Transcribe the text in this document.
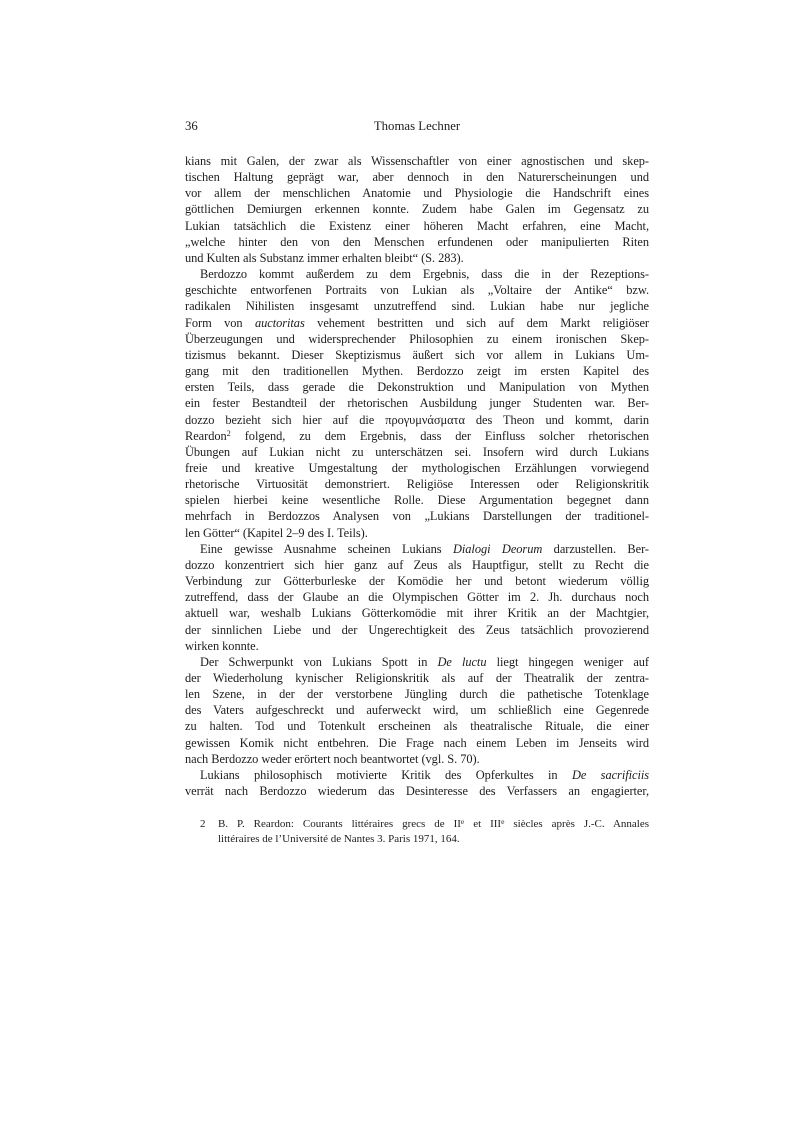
36	Thomas Lechner
kians mit Galen, der zwar als Wissenschaftler von einer agnostischen und skep-
tischen Haltung geprägt war, aber dennoch in den Naturerscheinungen und
vor allem der menschlichen Anatomie und Physiologie die Handschrift eines
göttlichen Demiurgen erkennen konnte. Zudem habe Galen im Gegensatz zu
Lukian tatsächlich die Existenz einer höheren Macht erfahren, eine Macht,
„welche hinter den von den Menschen erfundenen oder manipulierten Riten
und Kulten als Substanz immer erhalten bleibt“ (S. 283).
Berdozzo kommt außerdem zu dem Ergebnis, dass die in der Rezeptions-
geschichte entworfenen Portraits von Lukian als „Voltaire der Antike“ bzw.
radikalen Nihilisten insgesamt unzutreffend sind. Lukian habe nur jegliche
Form von auctoritas vehement bestritten und sich auf dem Markt religiöser
Überzeugungen und widersprechender Philosophien zu einem ironischen Skep-
tizismus bekannt. Dieser Skeptizismus äußert sich vor allem in Lukians Um-
gang mit den traditionellen Mythen. Berdozzo zeigt im ersten Kapitel des
ersten Teils, dass gerade die Dekonstruktion und Manipulation von Mythen
ein fester Bestandteil der rhetorischen Ausbildung junger Studenten war. Ber-
dozzo bezieht sich hier auf die προγυμνάσματα des Theon und kommt, darin
Reardon$^2$ folgend, zu dem Ergebnis, dass der Einfluss solcher rhetorischen
Übungen auf Lukian nicht zu unterschätzen sei. Insofern wird durch Lukians
freie und kreative Umgestaltung der mythologischen Erzählungen vorwiegend
rhetorische Virtuosität demonstriert. Religiöse Interessen oder Religionskritik
spielen hierbei keine wesentliche Rolle. Diese Argumentation begegnet dann
mehrfach in Berdozzos Analysen von „Lukians Darstellungen der traditionel-
len Götter“ (Kapitel 2–9 des I. Teils).
Eine gewisse Ausnahme scheinen Lukians Dialogi Deorum darzustellen. Ber-
dozzo konzentriert sich hier ganz auf Zeus als Hauptfigur, stellt zu Recht die
Verbindung zur Götterburleske der Komödie her und betont wiederum völlig
zutreffend, dass der Glaube an die Olympischen Götter im 2. Jh. durchaus noch
aktuell war, weshalb Lukians Götterkomödie mit ihrer Kritik an der Machtgier,
der sinnlichen Liebe und der Ungerechtigkeit des Zeus tatsächlich provozierend
wirken konnte.
Der Schwerpunkt von Lukians Spott in De luctu liegt hingegen weniger auf
der Wiederholung kynischer Religionskritik als auf der Theatralik der zentra-
len Szene, in der der verstorbene Jüngling durch die pathetische Totenklage
des Vaters aufgeschreckt und auferweckt wird, um schließlich eine Gegenrede
zu halten. Tod und Totenkult erscheinen als theatralische Rituale, die einer
gewissen Komik nicht entbehren. Die Frage nach einem Leben im Jenseits wird
nach Berdozzo weder erörtert noch beantwortet (vgl. S. 70).
Lukians philosophisch motivierte Kritik des Opferkultes in De sacrificiis
verrät nach Berdozzo wiederum das Desinteresse des Verfassers an engagierter,
2	B. P. Reardon: Courants littéraires grecs de IIe et IIIe siècles après J.-C. Annales
littéraires de l’Université de Nantes 3. Paris 1971, 164.
